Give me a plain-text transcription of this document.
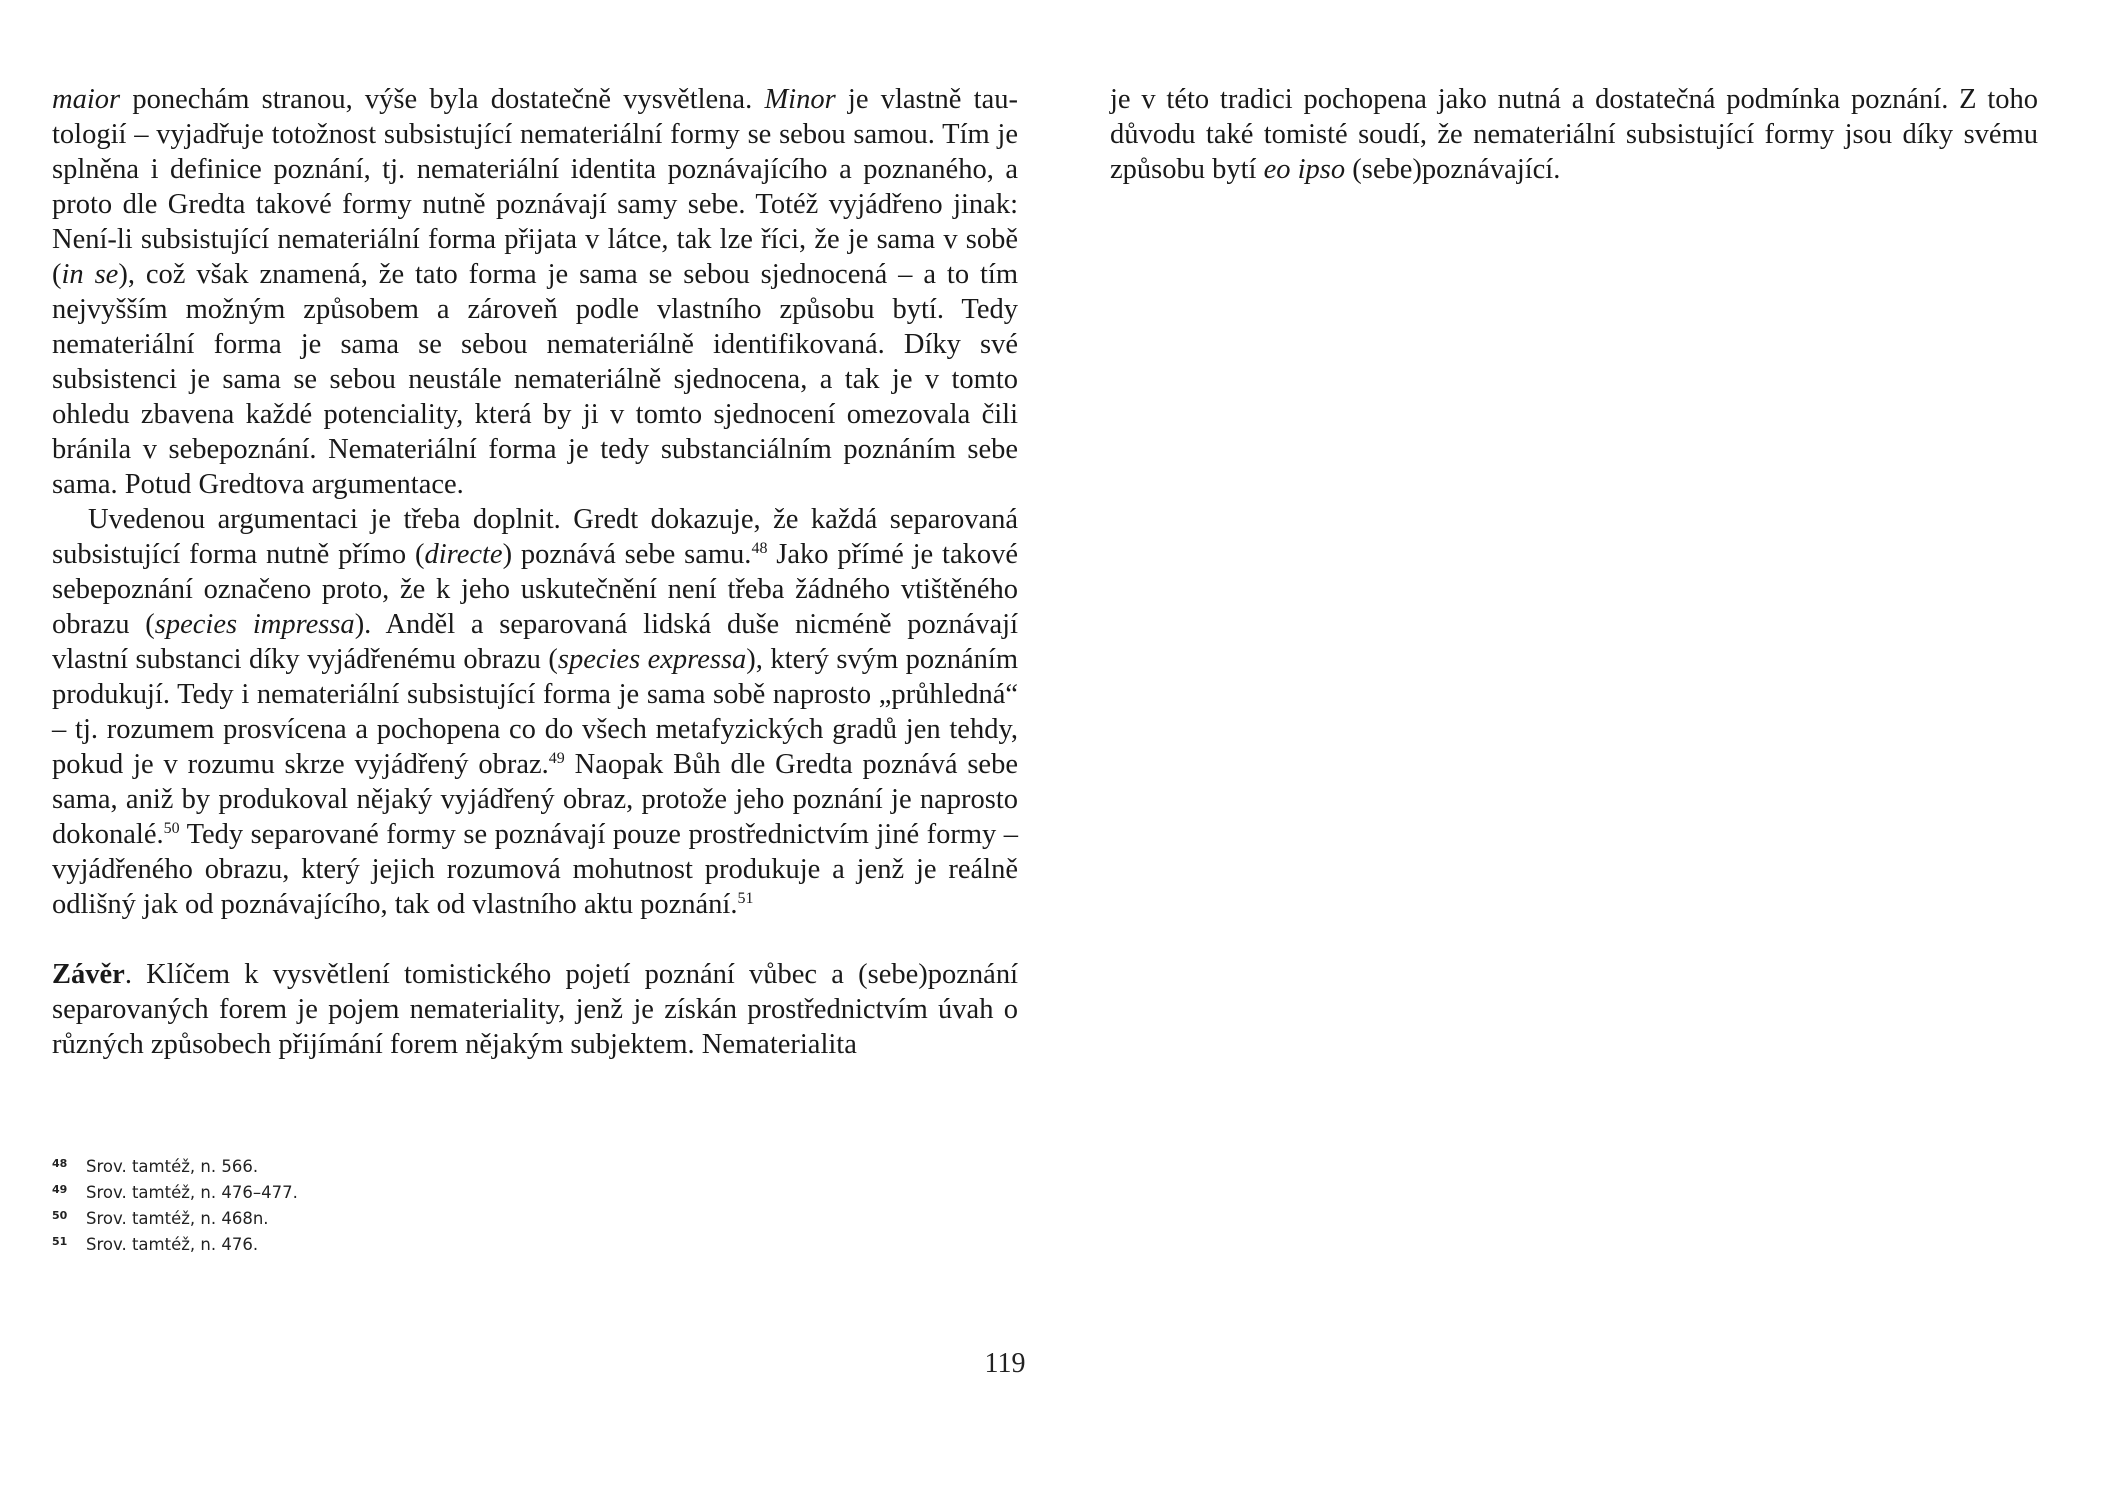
maior ponechám stranou, výše byla dostatečně vysvětlena. Minor je vlastně tautologií – vyjadřuje totožnost subsistující nemateriální formy se sebou samou. Tím je splněna i definice poznání, tj. nemateriální identita poznávajícího a poznaného, a proto dle Gredta takové formy nutně poznávají samy sebe. Totéž vyjádřeno jinak: Není-li subsistující nemateriální forma přijata v látce, tak lze říci, že je sama v sobě (in se), což však znamená, že tato forma je sama se sebou sjednocená – a to tím nejvyšším možným způsobem a zároveň podle vlastního způsobu bytí. Tedy nemateriální forma je sama se sebou nemateriálně identifikovaná. Díky své subsistenci je sama se sebou neustále nemateriálně sjednocena, a tak je v tomto ohledu zbavena každé potenciality, která by ji v tomto sjednocení omezovala čili bránila v sebepoznání. Nemateriální forma je tedy substanciálním poznáním sebe sama. Potud Gredtova argumentace.

Uvedenou argumentaci je třeba doplnit. Gredt dokazuje, že každá separovaná subsistující forma nutně přímo (directe) poznává sebe samu.$^{48}$ Jako přímé je takové sebepoznání označeno proto, že k jeho uskutečnění není třeba žádného vtištěného obrazu (species impressa). Anděl a separovaná lidská duše nicméně poznávají vlastní substanci díky vyjádřenému obrazu (species expressa), který svým poznáním produkují. Tedy i nemateriální subsistující forma je sama sobě naprosto „průhledná“ – tj. rozumem prosvícena a pochopena co do všech metafyzických gradů jen tehdy, pokud je v rozumu skrze vyjádřený obraz.$^{49}$ Naopak Bůh dle Gredta poznává sebe sama, aniž by produkoval nějaký vyjádřený obraz, protože jeho poznání je naprosto dokonalé.$^{50}$ Tedy separované formy se poznávají pouze prostřednictvím jiné formy – vyjádřeného obrazu, který jejich rozumová mohutnost produkuje a jenž je reálně odlišný jak od poznávajícího, tak od vlastního aktu poznání.$^{51}$

Závěr. Klíčem k vysvětlení tomistického pojetí poznání vůbec a (sebe)poznání separovaných forem je pojem nemateriality, jenž je získán prostřednictvím úvah o různých způsobech přijímání forem nějakým subjektem. Nematerialita

48	Srov. tamtéž, n. 566.
49	Srov. tamtéž, n. 476–477.
50	Srov. tamtéž, n. 468n.
51	Srov. tamtéž, n. 476.
119

je v této tradici pochopena jako nutná a dostatečná podmínka poznání. Z toho důvodu také tomisté soudí, že nemateriální subsistující formy jsou díky svému způsobu bytí eo ipso (sebe)poznávající.
